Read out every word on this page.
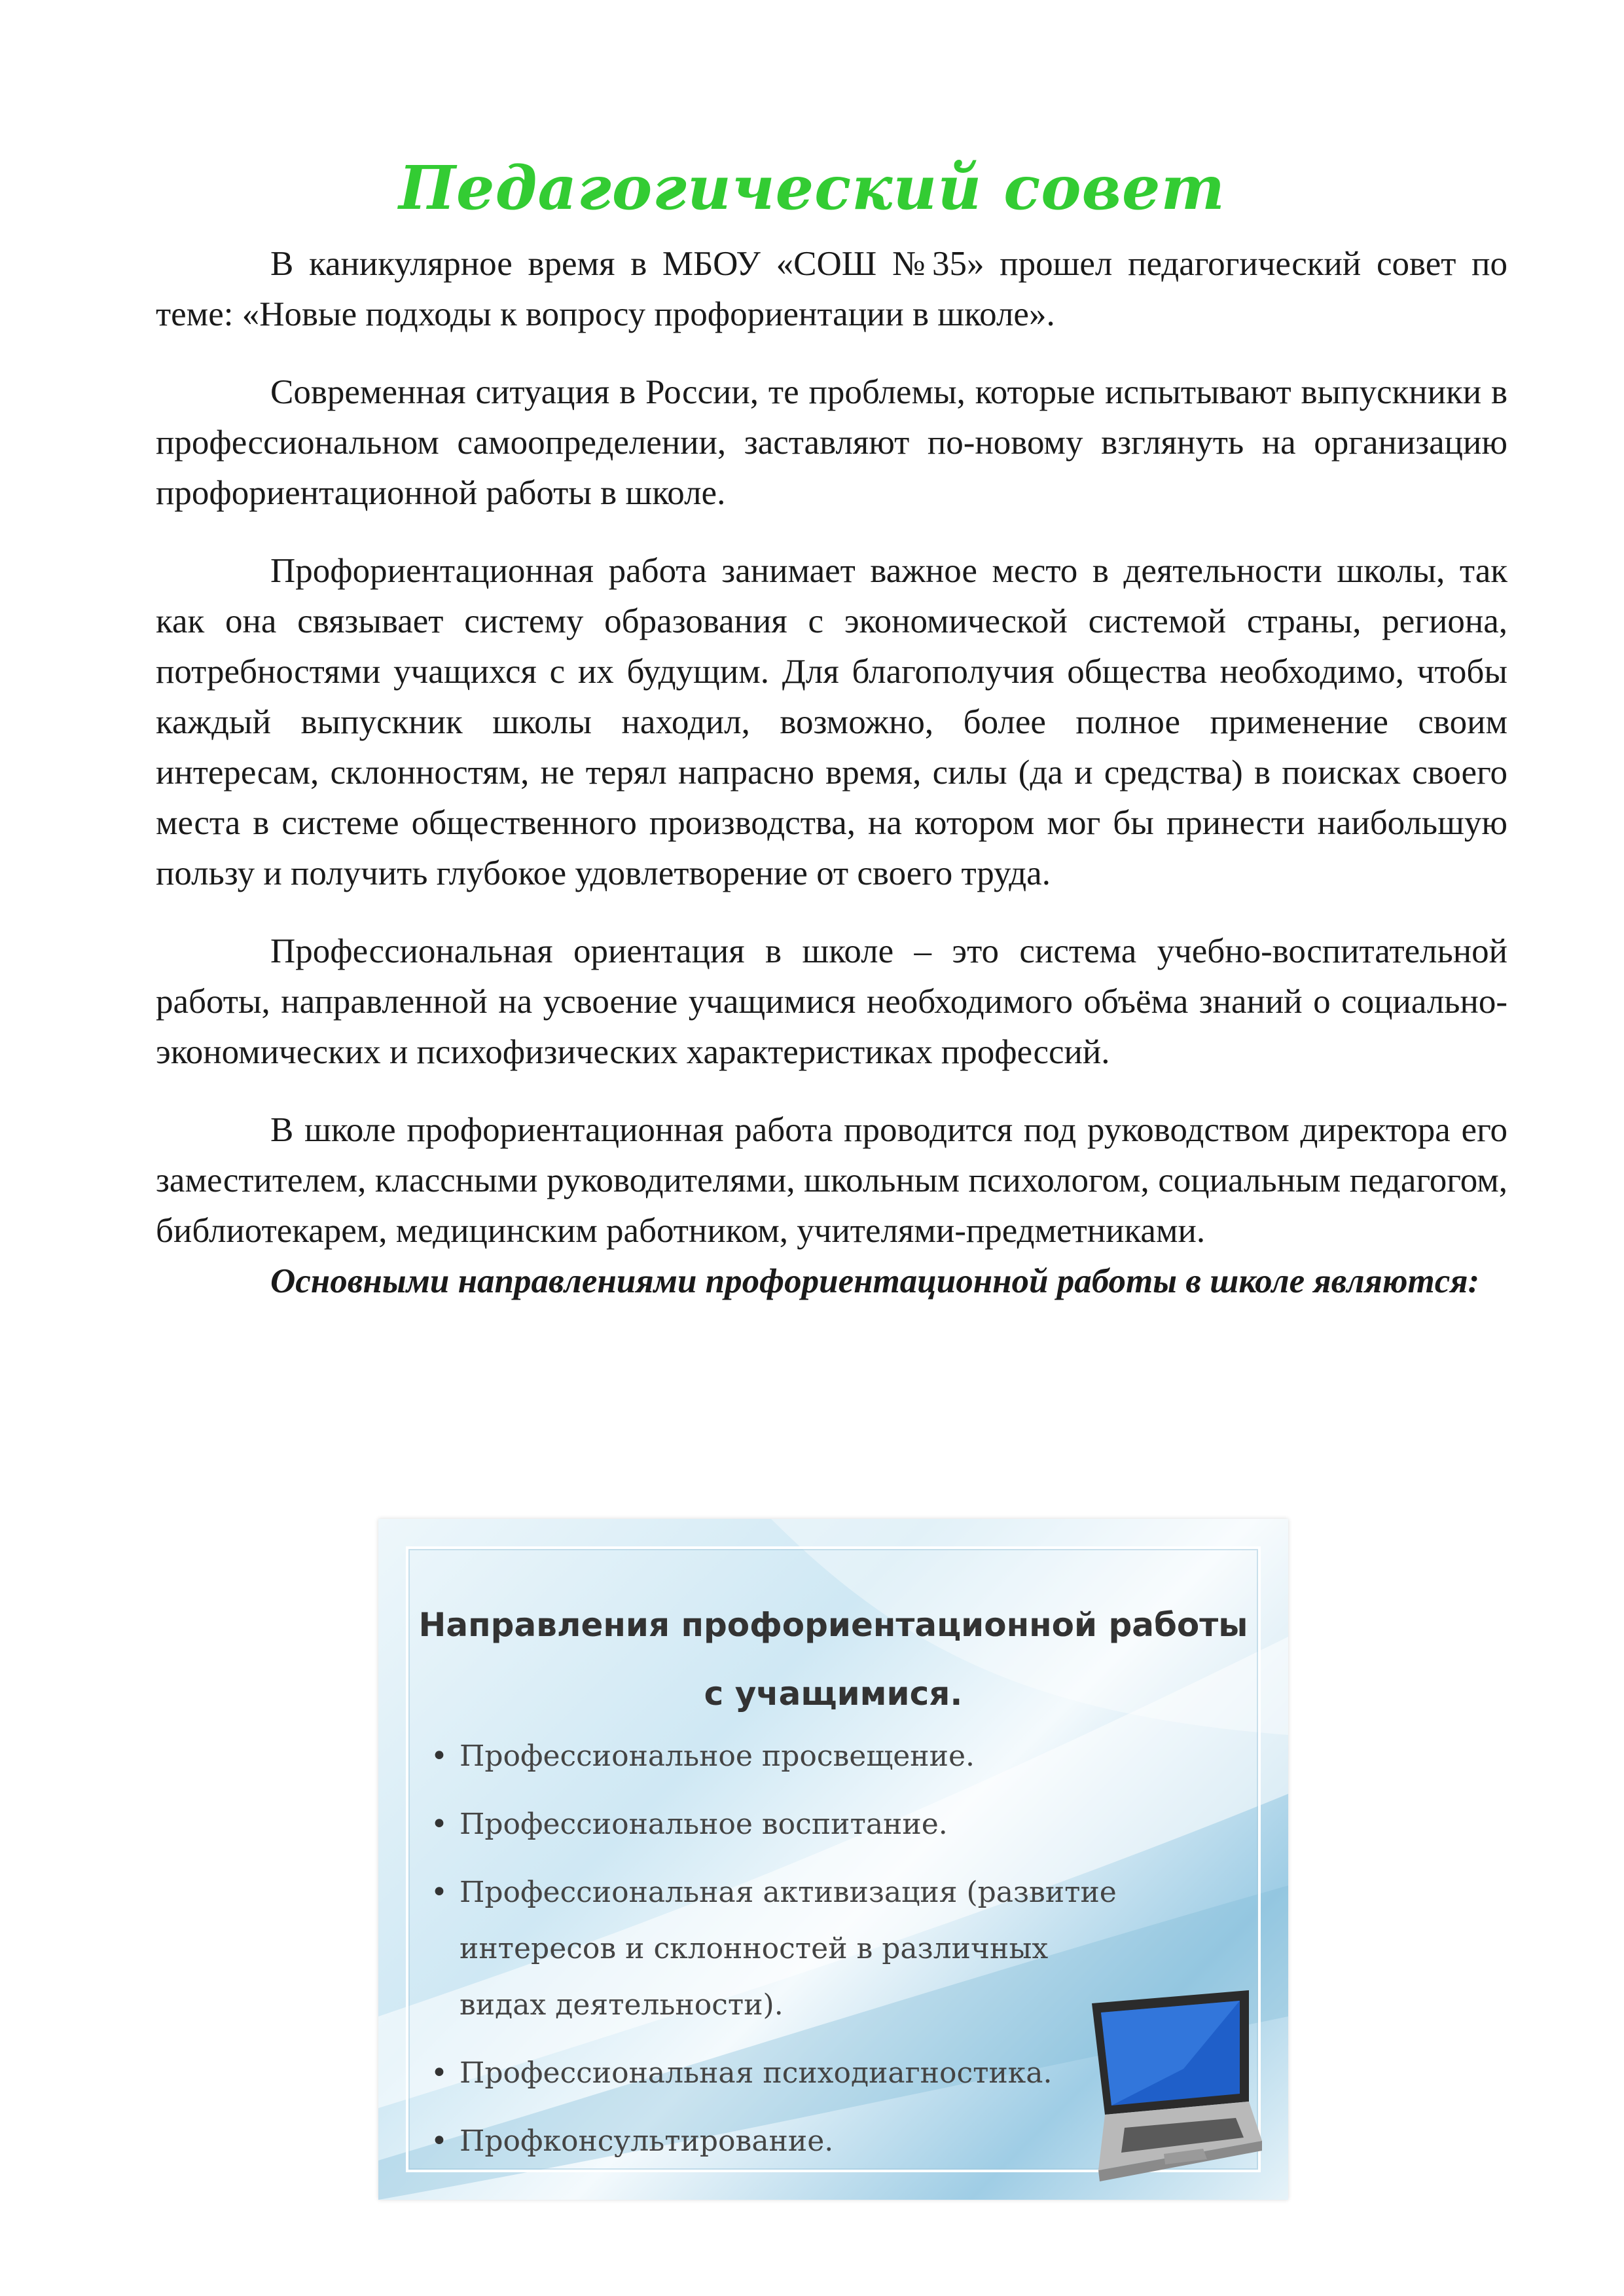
Педагогический совет

В каникулярное время в МБОУ «СОШ №35» прошел педагогический совет по теме: «Новые подходы к вопросу профориентации в школе».

Современная ситуация в России, те проблемы, которые испытывают выпускники в профессиональном самоопределении, заставляют по-новому взглянуть на организацию профориентационной работы в школе.

Профориентационная работа занимает важное место в деятельности школы, так как она связывает систему образования с экономической системой страны, региона, потребностями учащихся с их будущим. Для благополучия общества необходимо, чтобы каждый выпускник школы находил, возможно, более полное применение своим интересам, склонностям, не терял напрасно время, силы (да и средства) в поисках своего места в системе общественного производства, на котором мог бы принести наибольшую пользу и получить глубокое удовлетворение от своего труда.

Профессиональная ориентация в школе – это система учебно-воспитательной работы, направленной на усвоение учащимися необходимого объёма знаний о социально-экономических и психофизических характеристиках профессий.

В школе профориентационная работа проводится под руководством директора его заместителем, классными руководителями, школьным психологом, социальным педагогом, библиотекарем, медицинским работником, учителями-предметниками.

Основными направлениями профориентационной работы в школе являются:

Направления профориентационной работы с учащимися.
• Профессиональное просвещение.
• Профессиональное воспитание.
• Профессиональная активизация (развитие интересов и склонностей в различных видах деятельности).
• Профессиональная психодиагностика.
• Профконсультирование.
